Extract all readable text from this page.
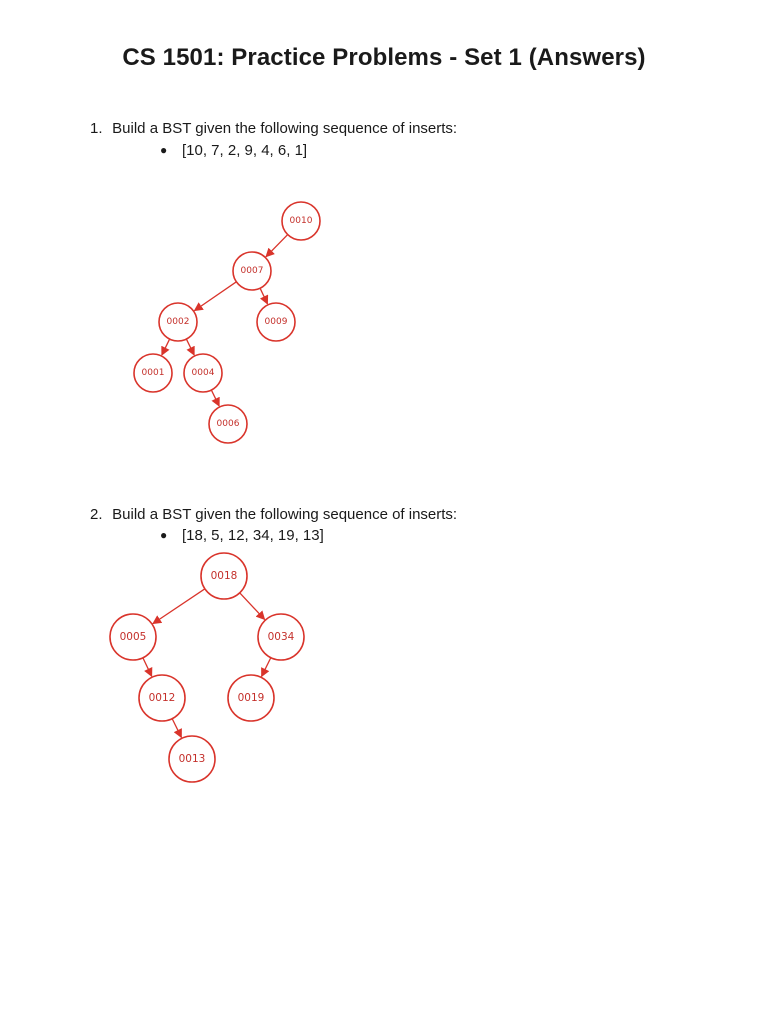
CS 1501: Practice Problems - Set 1 (Answers)
1. Build a BST given the following sequence of inserts:
● [10, 7, 2, 9, 4, 6, 1]
0010
0007
0002	0009
0001	0004
0006
2. Build a BST given the following sequence of inserts:
● [18, 5, 12, 34, 19, 13]
0018
0005	0034
0012	0019
0013
